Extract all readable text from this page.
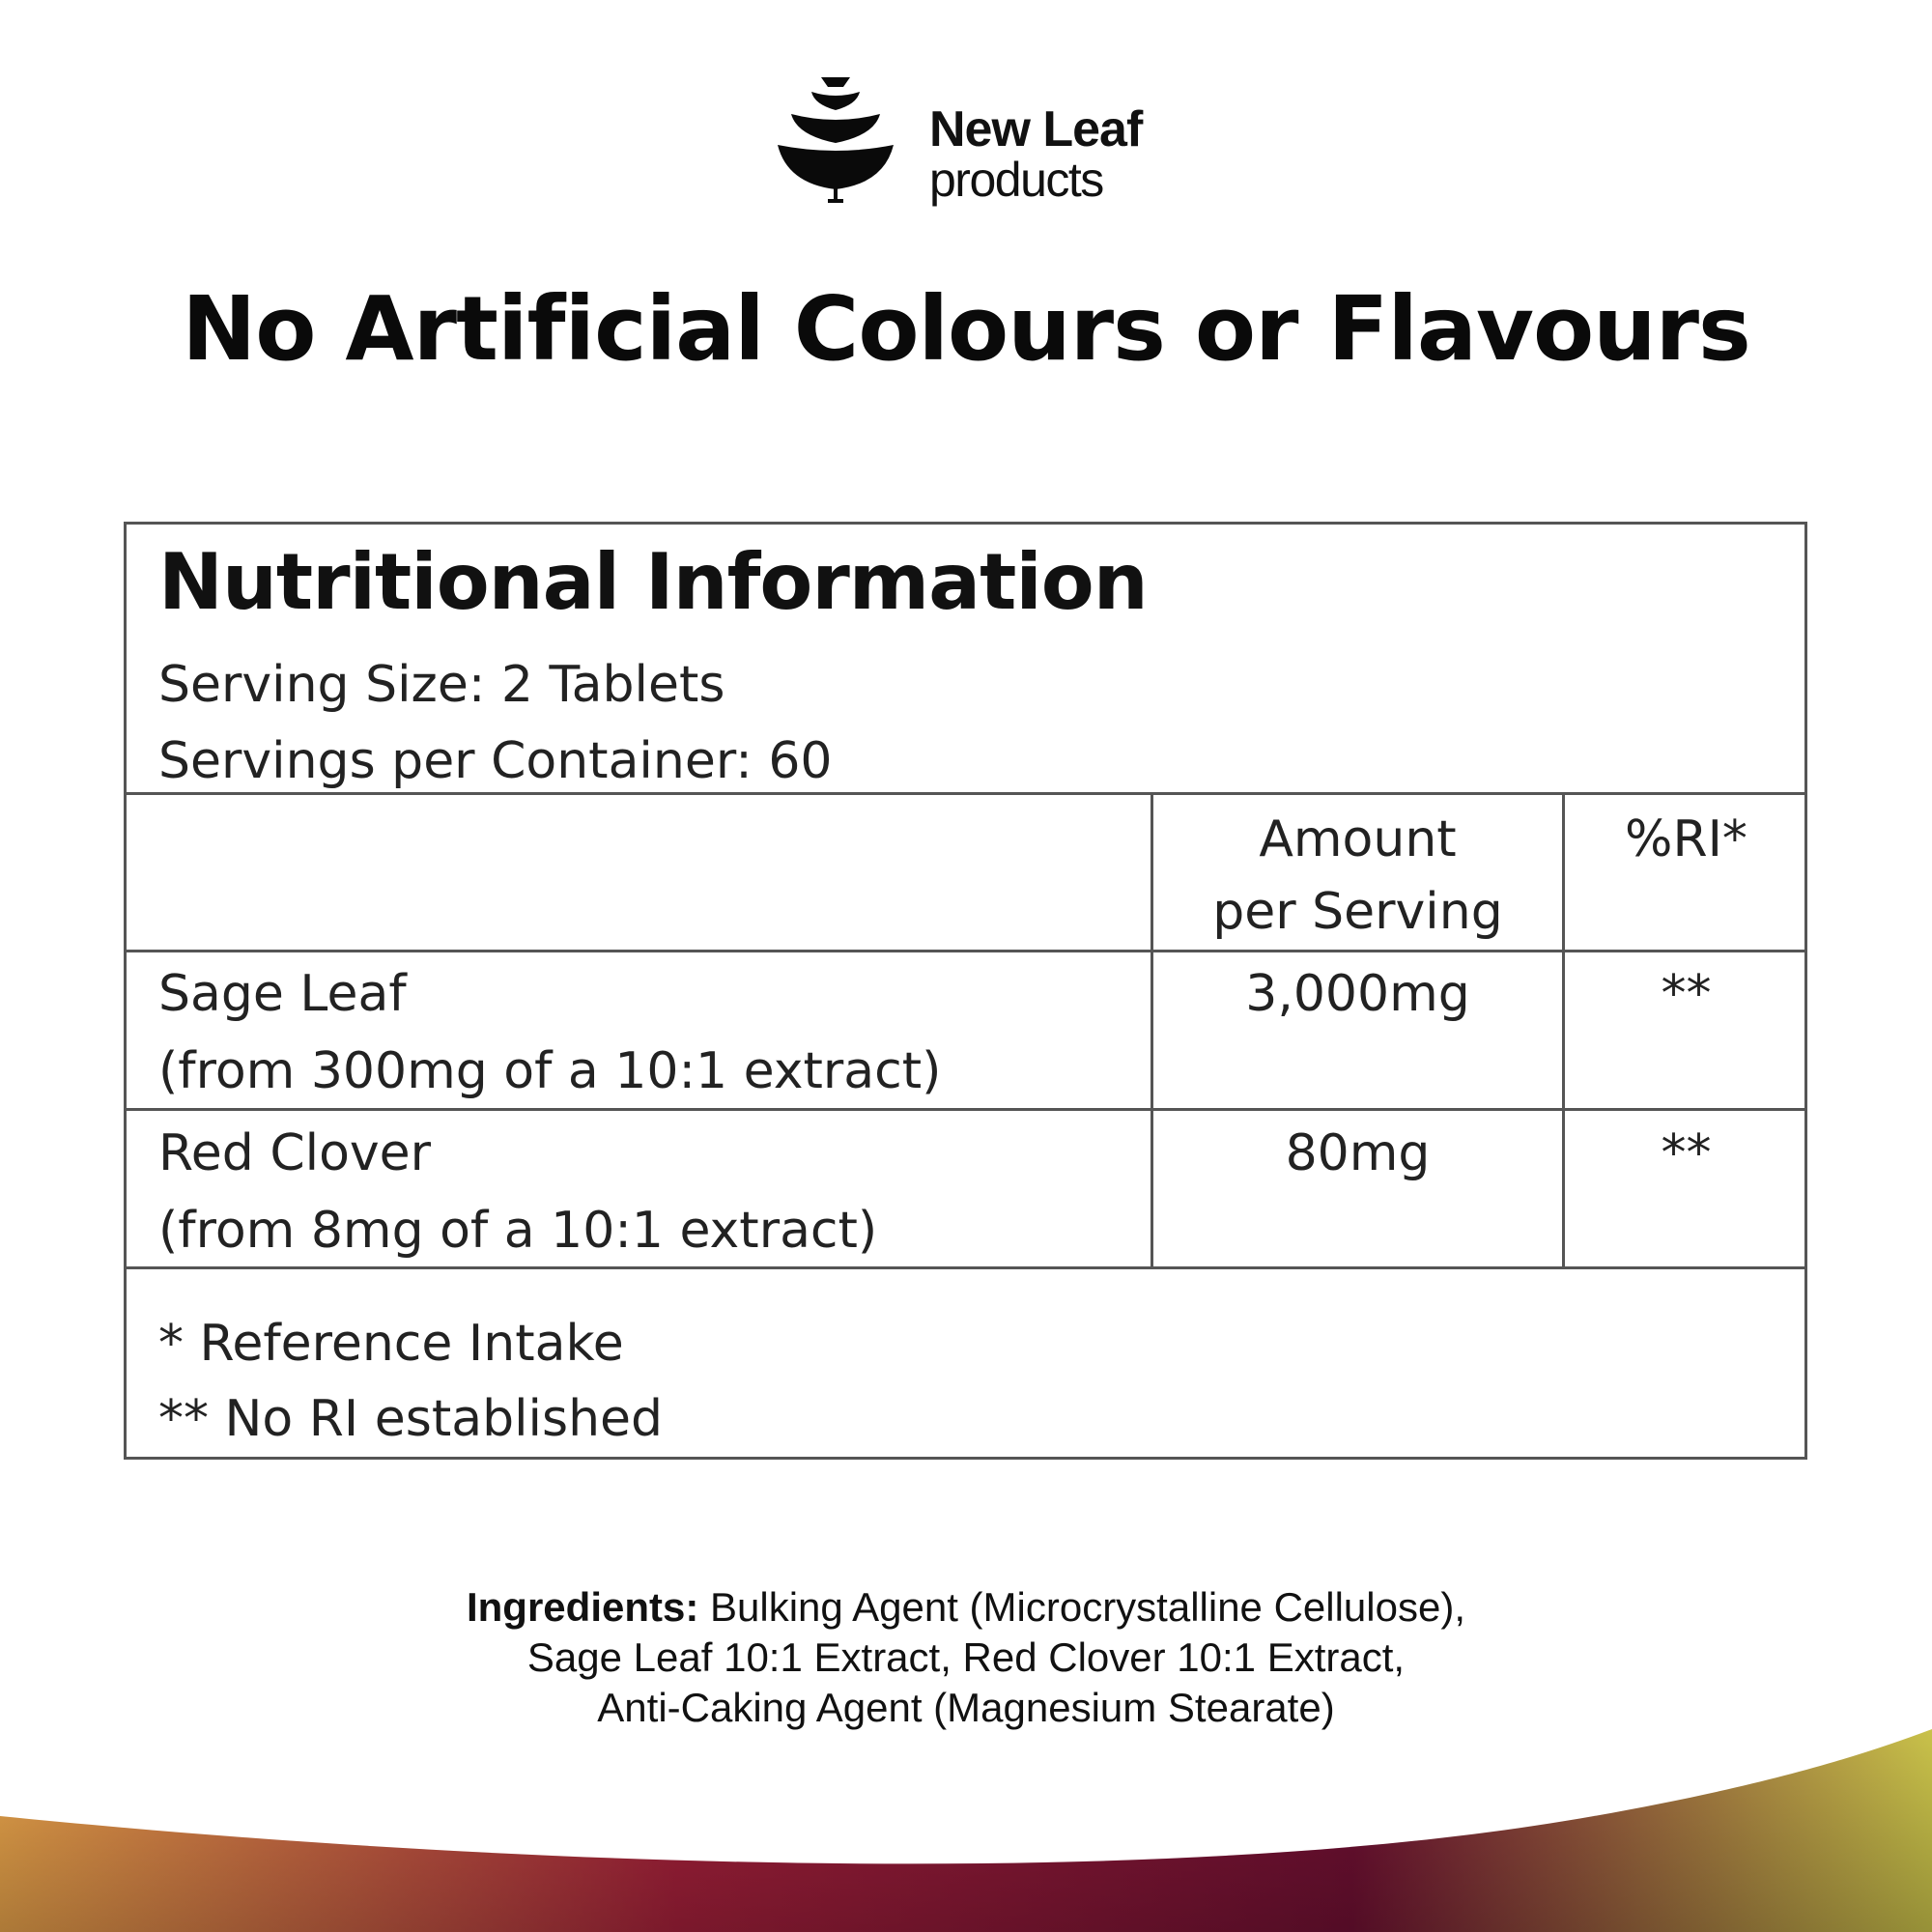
New Leaf
products
No Artificial Colours or Flavours
Nutritional Information
Serving Size: 2 Tablets
Servings per Container: 60
Amount
per Serving
%RI*
Sage Leaf
(from 300mg of a 10:1 extract)
3,000mg	**
Red Clover
(from 8mg of a 10:1 extract)
80mg	**
* Reference Intake
** No RI established
Ingredients: Bulking Agent (Microcrystalline Cellulose),
Sage Leaf 10:1 Extract, Red Clover 10:1 Extract,
Anti-Caking Agent (Magnesium Stearate)
